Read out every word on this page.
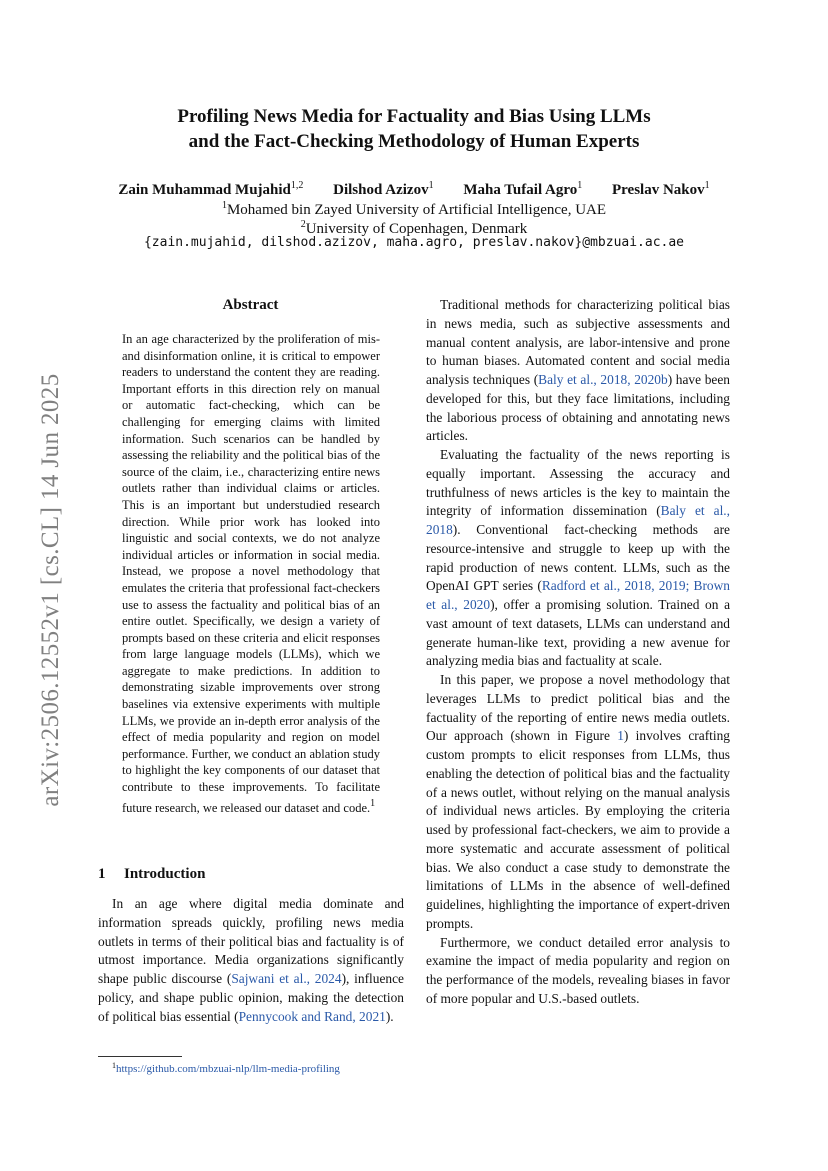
Profiling News Media for Factuality and Bias Using LLMs
and the Fact-Checking Methodology of Human Experts
Zain Muhammad Mujahid$^{1,2}$ Dilshod Azizov$^1$ Maha Tufail Agro$^1$ Preslav Nakov$^1$
$^1$Mohamed bin Zayed University of Artificial Intelligence, UAE
$^2$University of Copenhagen, Denmark
{zain.mujahid, dilshod.azizov, maha.agro, preslav.nakov}@mbzuai.ac.ae
arXiv:2506.12552v1 [cs.CL] 14 Jun 2025
Abstract
In an age characterized by the proliferation of mis- and disinformation online, it is critical to empower readers to understand the content they are reading. Important efforts in this direction rely on manual or automatic fact-checking, which can be challenging for emerging claims with limited information. Such scenarios can be handled by assessing the reliability and the political bias of the source of the claim, i.e., characterizing entire news outlets rather than individual claims or articles. This is an important but understudied research direction. While prior work has looked into linguistic and social contexts, we do not analyze individual articles or information in social media. Instead, we propose a novel methodology that emulates the criteria that professional fact-checkers use to assess the factuality and political bias of an entire outlet. Specifically, we design a variety of prompts based on these criteria and elicit responses from large language models (LLMs), which we aggregate to make predictions. In addition to demonstrating sizable improvements over strong baselines via extensive experiments with multiple LLMs, we provide an in-depth error analysis of the effect of media popularity and region on model performance. Further, we conduct an ablation study to highlight the key components of our dataset that contribute to these improvements. To facilitate future research, we released our dataset and code.$^1$
1 Introduction

In an age where digital media dominate and information spreads quickly, profiling news media outlets in terms of their political bias and factuality is of utmost importance. Media organizations significantly shape public discourse (Sajwani et al., 2024), influence policy, and shape public opinion, making the detection of political bias essential (Pennycook and Rand, 2021).

$^1$https://github.com/mbzuai-nlp/llm-media-profiling

Traditional methods for characterizing political bias in news media, such as subjective assessments and manual content analysis, are labor-intensive and prone to human biases. Automated content and social media analysis techniques (Baly et al., 2018, 2020b) have been developed for this, but they face limitations, including the laborious process of obtaining and annotating news articles.

Evaluating the factuality of the news reporting is equally important. Assessing the accuracy and truthfulness of news articles is the key to maintain the integrity of information dissemination (Baly et al., 2018). Conventional fact-checking methods are resource-intensive and struggle to keep up with the rapid production of news content. LLMs, such as the OpenAI GPT series (Radford et al., 2018, 2019; Brown et al., 2020), offer a promising solution. Trained on a vast amount of text datasets, LLMs can understand and generate human-like text, providing a new avenue for analyzing media bias and factuality at scale.

In this paper, we propose a novel methodology that leverages LLMs to predict political bias and the factuality of the reporting of entire news media outlets. Our approach (shown in Figure 1) involves crafting custom prompts to elicit responses from LLMs, thus enabling the detection of political bias and the factuality of a news outlet, without relying on the manual analysis of individual news articles. By employing the criteria used by professional fact-checkers, we aim to provide a more systematic and accurate assessment of political bias. We also conduct a case study to demonstrate the limitations of LLMs in the absence of well-defined guidelines, highlighting the importance of expert-driven prompts.

Furthermore, we conduct detailed error analysis to examine the impact of media popularity and region on the performance of the models, revealing biases in favor of more popular and U.S.-based outlets.
